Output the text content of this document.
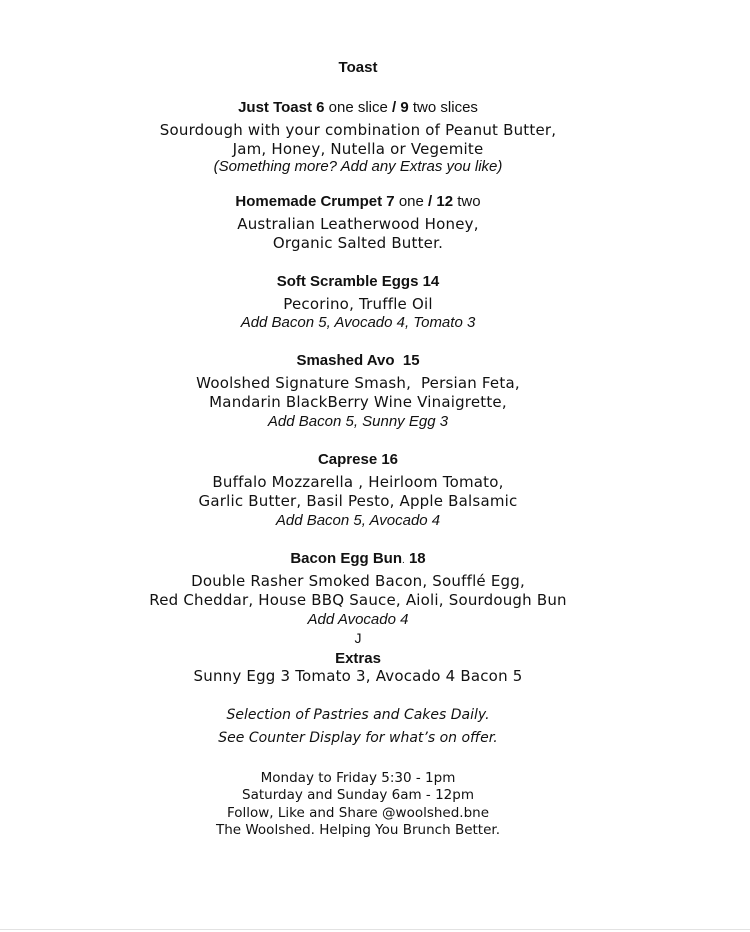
Toast
Just Toast 6 one slice / 9 two slices
Sourdough with your combination of Peanut Butter,
Jam, Honey, Nutella or Vegemite
(Something more? Add any Extras you like)
Homemade Crumpet 7 one / 12 two
Australian Leatherwood Honey,
Organic Salted Butter.
Soft Scramble Eggs 14
Pecorino, Truffle Oil
Add Bacon 5, Avocado 4, Tomato 3
Smashed Avo  15
Woolshed Signature Smash,  Persian Feta,
Mandarin BlackBerry Wine Vinaigrette,
Add Bacon 5, Sunny Egg 3
Caprese 16
Buffalo Mozzarella , Heirloom Tomato,
Garlic Butter, Basil Pesto, Apple Balsamic
Add Bacon 5, Avocado 4
Bacon Egg Bun. 18
Double Rasher Smoked Bacon, Soufflé Egg,
Red Cheddar, House BBQ Sauce, Aioli, Sourdough Bun
Add Avocado 4
J
Extras
Sunny Egg 3 Tomato 3, Avocado 4 Bacon 5
Selection of Pastries and Cakes Daily.
See Counter Display for what’s on offer.
Monday to Friday 5:30 - 1pm
Saturday and Sunday 6am - 12pm
Follow, Like and Share @woolshed.bne
The Woolshed. Helping You Brunch Better.
